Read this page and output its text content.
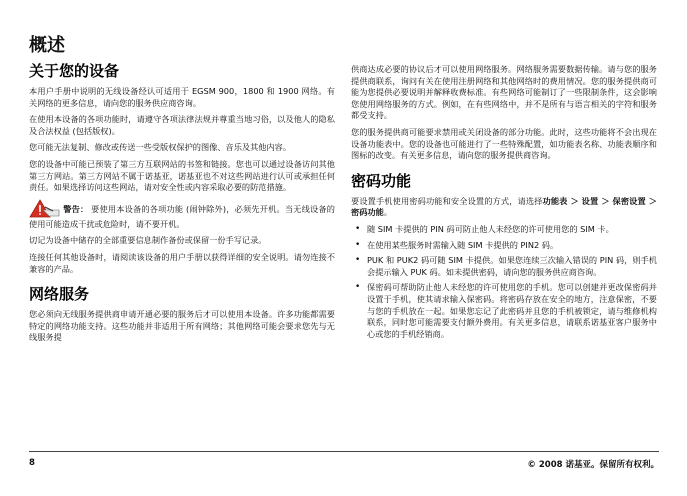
概述
关于您的设备

本用户手册中说明的无线设备经认可适用于 EGSM 900，1800 和 1900 网络。有关网络的更多信息，请向您的服务供应商咨询。

在使用本设备的各项功能时，请遵守各项法律法规并尊重当地习俗，以及他人的隐私及合法权益 (包括版权)。

您可能无法复制、修改或传送一些受版权保护的图像、音乐及其他内容。

您的设备中可能已预装了第三方互联网站的书签和链接。您也可以通过设备访问其他第三方网站。第三方网站不属于诺基亚，诺基亚也不对这些网站进行认可或承担任何责任。如果选择访问这些网站，请对安全性或内容采取必要的防范措施。

警告： 要使用本设备的各项功能 (闹钟除外)，必须先开机。当无线设备的使用可能造成干扰或危险时，请不要开机。

切记为设备中储存的全部重要信息制作备份或保留一份手写记录。

连接任何其他设备时，请阅读该设备的用户手册以获得详细的安全说明。请勿连接不兼容的产品。

网络服务

您必须向无线服务提供商申请开通必要的服务后才可以使用本设备。许多功能都需要特定的网络功能支持。这些功能并非适用于所有网络；其他网络可能会要求您先与无线服务提

供商达成必要的协议后才可以使用网络服务。网络服务需要数据传输。请与您的服务提供商联系，询问有关在使用注册网络和其他网络时的费用情况。您的服务提供商可能为您提供必要说明并解释收费标准。有些网络可能制订了一些限制条件，这会影响您使用网络服务的方式。例如，在有些网络中，并不是所有与语言相关的字符和服务都受支持。

您的服务提供商可能要求禁用或关闭设备的部分功能。此时，这些功能将不会出现在设备功能表中。您的设备也可能进行了一些特殊配置，如功能表名称、功能表顺序和图标的改变。有关更多信息，请向您的服务提供商咨询。

密码功能

要设置手机使用密码功能和安全设置的方式，请选择功能表 ＞ 设置 ＞ 保密设置 ＞ 密码功能。

• 随 SIM 卡提供的 PIN 码可防止他人未经您的许可使用您的 SIM 卡。
• 在使用某些服务时需输入随 SIM 卡提供的 PIN2 码。
• PUK 和 PUK2 码可随 SIM 卡提供。如果您连续三次输入错误的 PIN 码，则手机会提示输入 PUK 码。如未提供密码，请向您的服务供应商咨询。
• 保密码可帮助防止他人未经您的许可使用您的手机。您可以创建并更改保密码并设置于手机，使其请求输入保密码。将密码存放在安全的地方，注意保密，不要与您的手机放在一起。如果您忘记了此密码并且您的手机被锁定，请与维修机构联系，同时您可能需要支付额外费用。有关更多信息，请联系诺基亚客户服务中心或您的手机经销商。
8	© 2008 诺基亚。保留所有权利。
